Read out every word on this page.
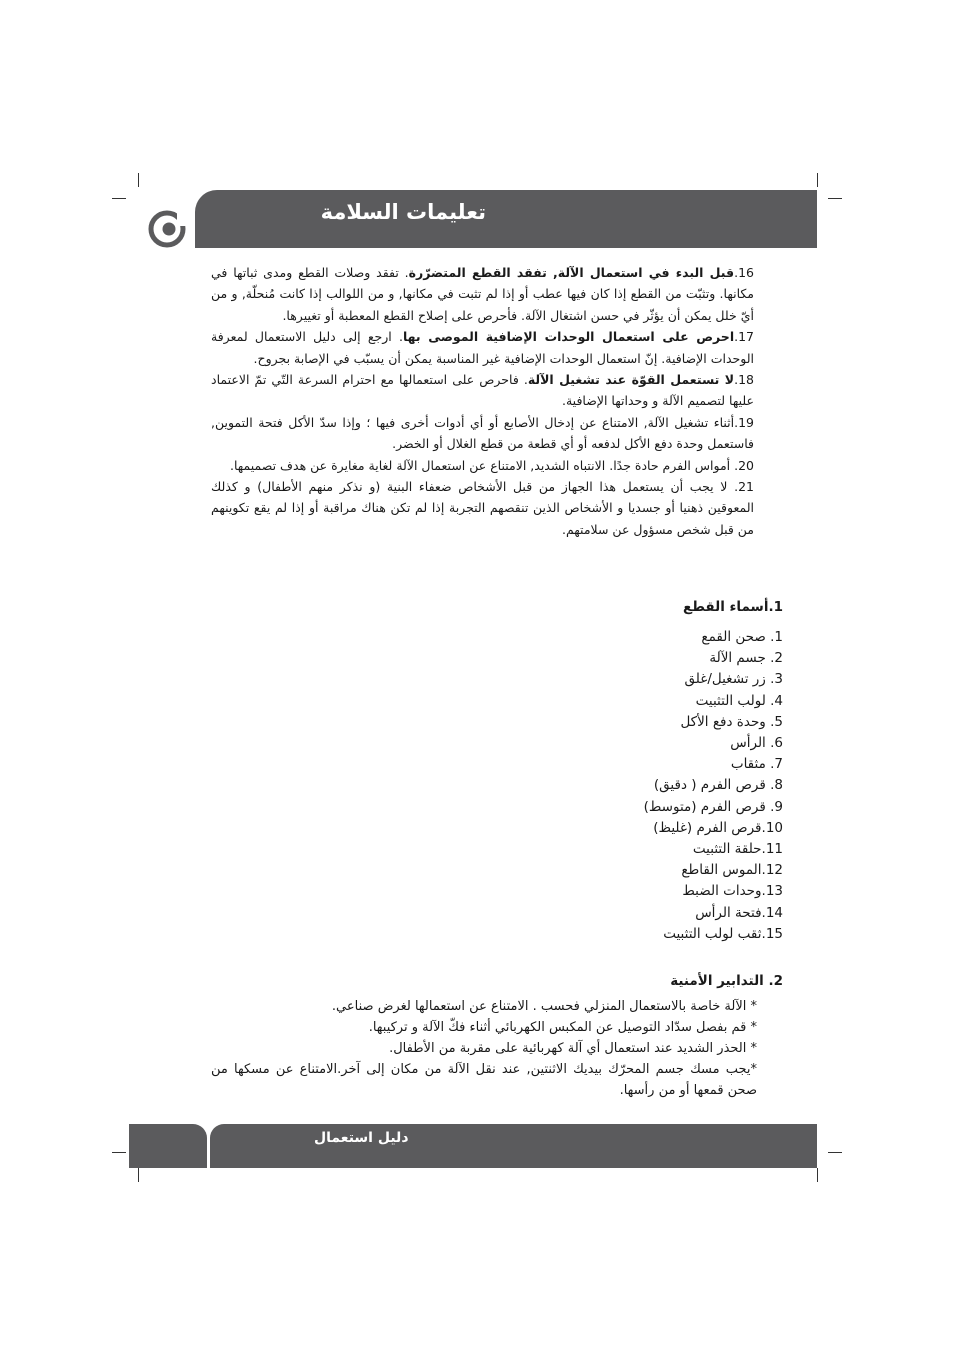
تعليمات السلامة

16.قبل البدء في استعمال الآلة, تفقد القطع المتضرّرة. تفقد وصلات القطع ومدى ثباتها في مكانها. وتثبّت من القطع إذا كان فيها عطب أو إذا لم تثبت في مكانها, و من اللوالب إذا كانت مُنحلّة, و من أيّ خلل يمكن أن يؤثّر في حسن اشتغال الآلة. فأحرص على إصلاح القطع المعطبة أو تغييرها.

17.احرص على استعمال الوحدات الإضافية الموصى بها. ارجع إلى دليل الاستعمال لمعرفة الوحدات الإضافية. إنّ استعمال الوحدات الإضافية غير المناسبة يمكن أن يسبّب في الإصابة بجروح.

18.لا تستعمل القوّة عند تشغيل الآلة. فاحرص على استعمالها مع احترام السرعة التّي تمّ الاعتماد عليها لتصميم الآلة و وحداتها الإضافية.

19.أثناء تشغيل الآلة, الامتناع عن إدخال الأصابع أو أي أدوات أخرى فيها ؛ وإذا سدّ الأكل فتحة التموين, فاستعمل وحدة دفع الأكل لدفعه أو أي قطعة من قطع الغلال أو الخضر.

20. أمواس الفرم حادة جدًا. الانتباه الشديد, الامتناع عن استعمال الآلة لغاية مغايرة عن هدف تصميمها.

21. لا يجب أن يستعمل هذا الجهاز من قبل الأشخاص ضعفاء البنية (و نذكر منهم الأطفال) و كذلك المعوقين ذهنيا أو جسديا و الأشخاص الذين تنقصهم التجربة إذا لم تكن هناك مراقبة أو إذا لم يقع تكوينهم من قبل شخص مسؤول عن سلامتهم.

1.أسماء القطع
1. صحن القمع
2. جسم الآلة
3. زر تشغيل/غلق
4. لولب التثبيت
5. وحدة دفع الأكل
6. الرأس
7. مثقاب
8. قرص الفرم ( دقيق)
9. قرص الفرم (متوسط)
10.قرص الفرم (غليظ)
11.حلقة التثبيت
12.الموس القاطع
13.وحدات الضبط
14.فتحة الرأس
15.ثقب لولب التثبيت
2. التدابير الأمنية

* الآلة خاصة بالاستعمال المنزلي فحسب . الامتناع عن استعمالها لغرض صناعي.

* قم بفصل سدّاد التوصيل عن المكبس الكهربائي أثناء فكّ الآلة و تركيبها.

* الحذر الشديد عند استعمال أي آلة كهربائية على مقربة من الأطفال.

*يجب مسك جسم المحرّك بيديك الاثنتين, عند نقل الآلة من مكان إلى آخر.الامتناع عن مسكها من صحن قمعها أو من رأسها.

دليل استعمال
